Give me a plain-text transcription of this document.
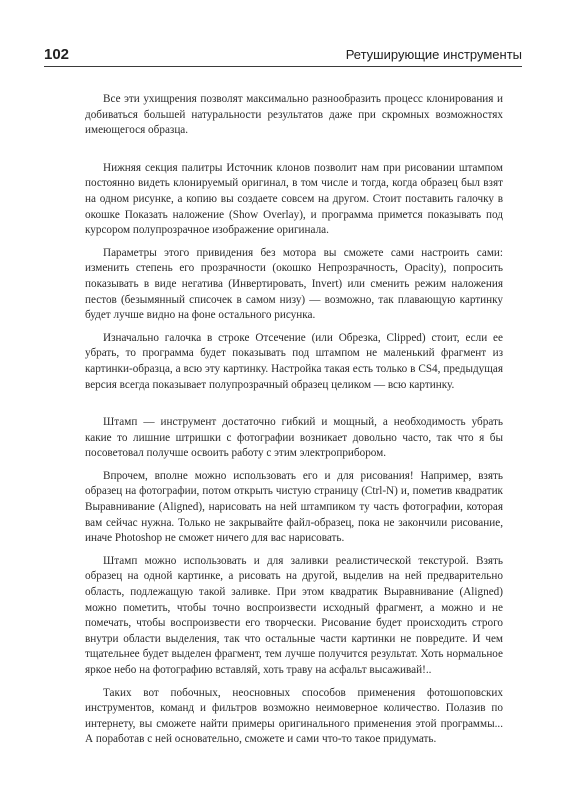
102	Ретуширующие инструменты

Все эти ухищрения позволят максимально разнообразить процесс клонирования и добиваться большей натуральности результатов даже при скромных возможностях имеющегося образца.

Нижняя секция палитры Источник клонов позволит нам при рисовании штампом постоянно видеть клонируемый оригинал, в том числе и тогда, когда образец был взят на одном рисунке, а копию вы создаете совсем на другом. Стоит поставить галочку в окошке Показать наложение (Show Overlay), и программа примется показывать под курсором полупрозрачное изображение оригинала.

Параметры этого привидения без мотора вы сможете сами настроить сами: изменить степень его прозрачности (окошко Непрозрачность, Opacity), попросить показывать в виде негатива (Инвертировать, Invert) или сменить режим наложения пестов (безымянный списочек в самом низу) — возможно, так плавающую картинку будет лучше видно на фоне остального рисунка.

Изначально галочка в строке Отсечение (или Обрезка, Clipped) стоит, если ее убрать, то программа будет показывать под штампом не маленький фрагмент из картинки-образца, а всю эту картинку. Настройка такая есть только в CS4, предыдущая версия всегда показывает полупрозрачный образец целиком — всю картинку.

Штамп — инструмент достаточно гибкий и мощный, а необходимость убрать какие то лишние штришки с фотографии возникает довольно часто, так что я бы посоветовал получше освоить работу с этим электроприбором.

Впрочем, вполне можно использовать его и для рисования! Например, взять образец на фотографии, потом открыть чистую страницу (Ctrl-N) и, пометив квадратик Выравнивание (Aligned), нарисовать на ней штампиком ту часть фотографии, которая вам сейчас нужна. Только не закрывайте файл-образец, пока не закончили рисование, иначе Photoshop не сможет ничего для вас нарисовать.

Штамп можно использовать и для заливки реалистической текстурой. Взять образец на одной картинке, а рисовать на другой, выделив на ней предварительно область, подлежащую такой заливке. При этом квадратик Выравнивание (Aligned) можно пометить, чтобы точно воспроизвести исходный фрагмент, а можно и не помечать, чтобы воспроизвести его творчески. Рисование будет происходить строго внутри области выделения, так что остальные части картинки не повредите. И чем тщательнее будет выделен фрагмент, тем лучше получится результат. Хоть нормальное яркое небо на фотографию вставляй, хоть траву на асфальт высаживай!..

Таких вот побочных, неосновных способов применения фотошоповских инструментов, команд и фильтров возможно неимоверное количество. Полазив по интернету, вы сможете найти примеры оригинального применения этой программы... А поработав с ней основательно, сможете и сами что-то такое придумать.
